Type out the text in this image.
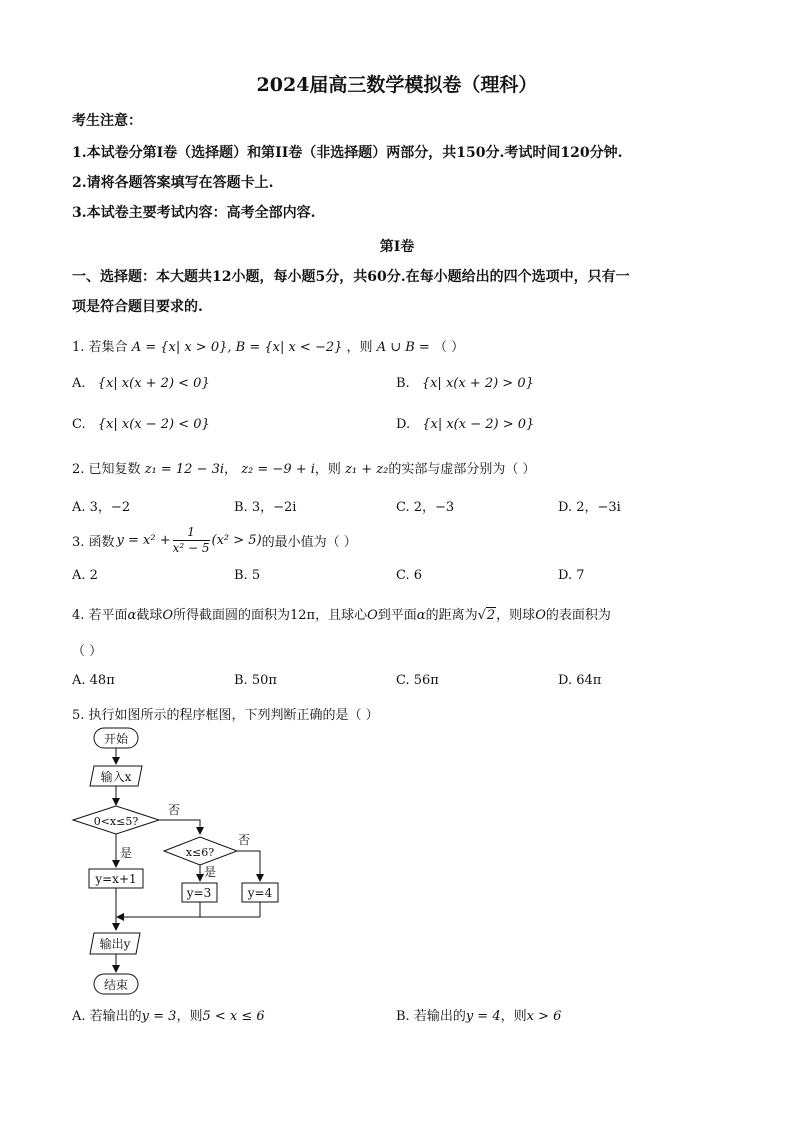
2024届高三数学模拟卷（理科）
考生注意：
1.本试卷分第I卷（选择题）和第II卷（非选择题）两部分，共150分.考试时间120分钟.
2.请将各题答案填写在答题卡上.
3.本试卷主要考试内容：高考全部内容.
第I卷
一、选择题：本大题共12小题，每小题5分，共60分.在每小题给出的四个选项中，只有一
项是符合题目要求的.
1. 若集合 A = {x| x > 0}, B = {x| x < −2} ，则 A ∪ B = （ ）
A. {x| x(x + 2) < 0}	B. {x| x(x + 2) > 0}
C. {x| x(x − 2) < 0}	D. {x| x(x − 2) > 0}
2. 已知复数 z₁ = 12 − 3i， z₂ = −9 + i，则 z₁ + z₂的实部与虚部分别为（ ）
A. 3，−2	B. 3，−2i	C. 2，−3	D. 2，−3i
3. 函数 $y = x^2 + \frac{1}{\text{x² − 5}} (x^2 > 5)$ 的最小值为（ ）
A. 2	B. 5	C. 6	D. 7
4. 若平面α截球O所得截面圆的面积为12π，且球心O到平面α的距离为√2，则球O的表面积为
（ ）
A. 48π	B. 50π	C. 56π	D. 64π
5. 执行如图所示的程序框图，下列判断正确的是（ ）
开始
输入x
0<x≤5?
否
是	x≤6?
否
是
y=x+1
y=3	y=4
输出y
结束
A. 若输出的y = 3，则5 < x ≤ 6	B. 若输出的y = 4，则x > 6
